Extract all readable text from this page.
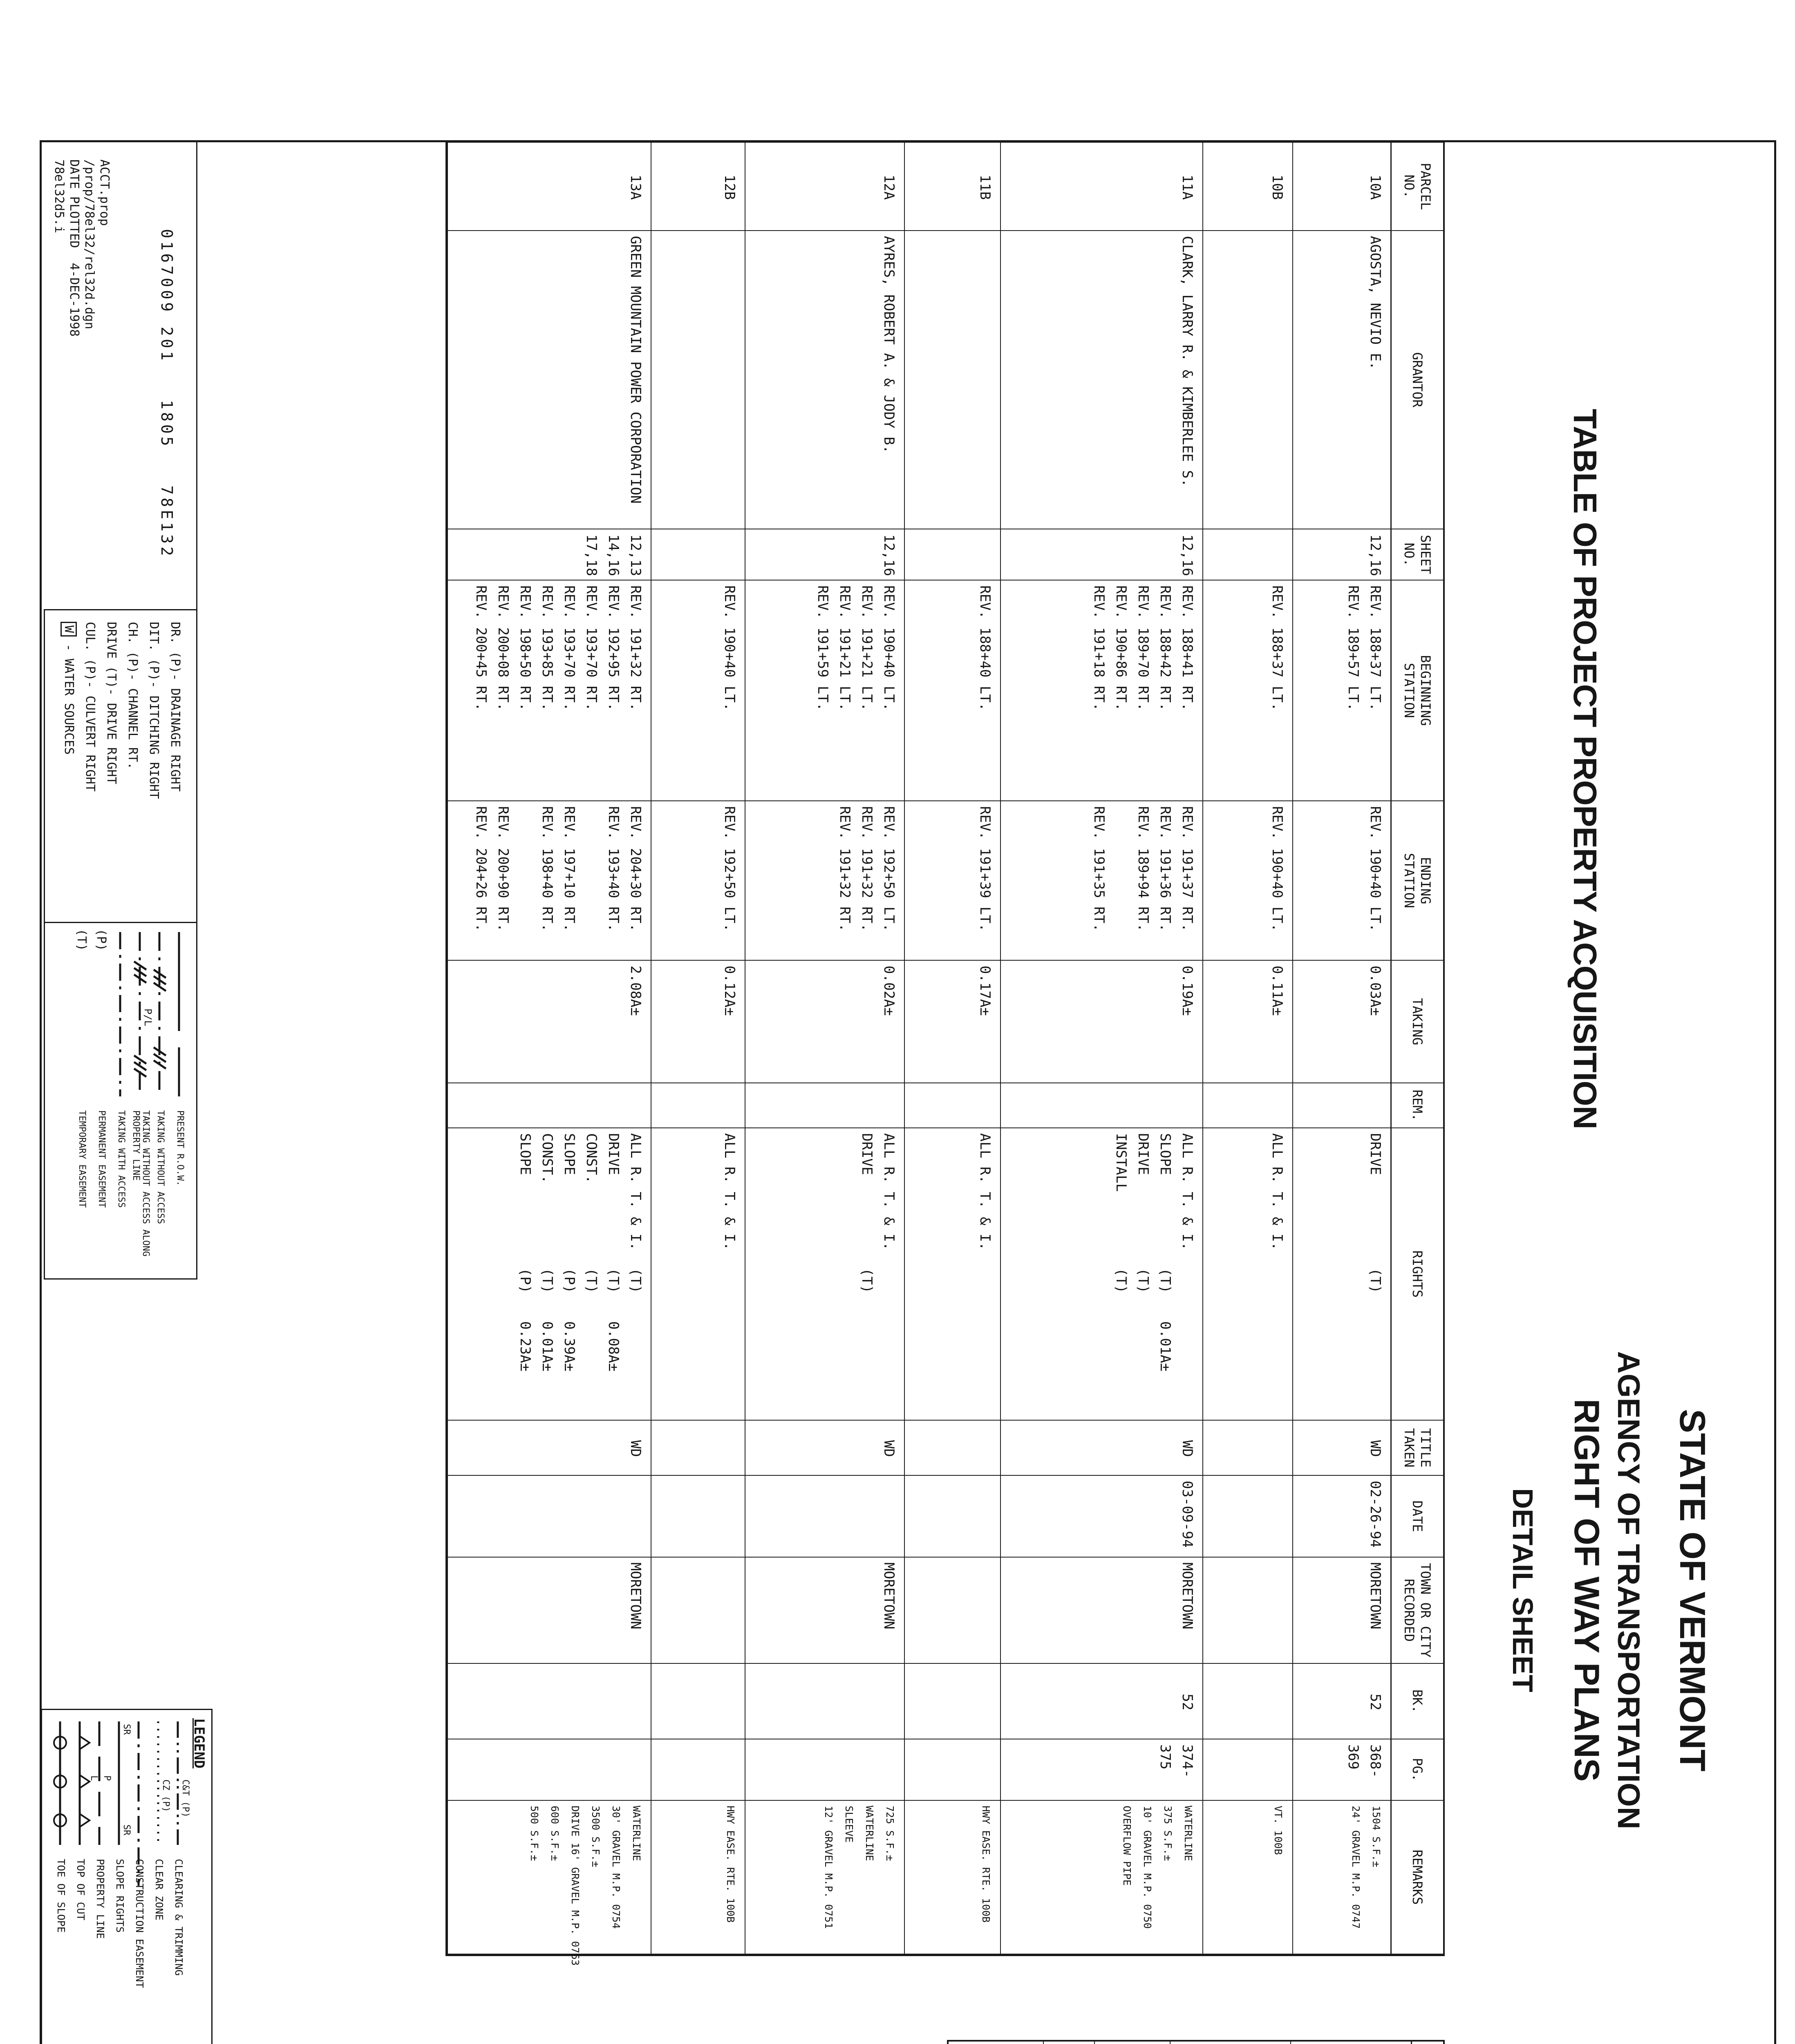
TABLE OF PROJECT PROPERTY ACQUISITION
STATE OF VERMONT
AGENCY OF TRANSPORTATION
RIGHT OF WAY PLANS
DETAIL SHEET
PARCEL
NO.
GRANTOR
SHEET
NO.
BEGINNING
STATION
ENDING
STATION
TAKING
REM.
RIGHTS
TITLE
TAKEN
DATE
TOWN OR CITY
RECORDED
BK.
PG.
REMARKS
10A
AGOSTA, NEVIO E.
12,16
REV. 188+37 LT.
REV. 189+57 LT.
REV. 190+40 LT.
0.03A±
DRIVE
(T)
WD
02-26-94
MORETOWN
52
368-
369
1504 S.F.±
24' GRAVEL M.P. 0747
10B
REV. 188+37 LT.
REV. 190+40 LT.
0.11A±
ALL R. T. & I.
VT. 100B
11A
CLARK, LARRY R. & KIMBERLEE S.
12,16
REV. 188+41 RT.
REV. 188+42 RT.
REV. 189+70 RT.
REV. 190+86 RT.
REV. 191+18 RT.
REV. 191+37 RT.
REV. 191+36 RT.
REV. 189+94 RT.

REV. 191+35 RT.
0.19A±
ALL R. T. & I.
SLOPE
(T)
0.01A±
DRIVE
(T)
INSTALL
(T)
WD
03-09-94
MORETOWN
52
374-
375
WATERLINE
375 S.F.±
10' GRAVEL M.P. 0750
OVERFLOW PIPE
11B
REV. 188+40 LT.
REV. 191+39 LT.
0.17A±
ALL R. T. & I.
HWY EASE. RTE. 100B
12A
AYRES, ROBERT A. & JODY B.
12,16
REV. 190+40 LT.
REV. 191+21 LT.
REV. 191+21 LT.
REV. 191+59 LT.
REV. 192+50 LT.
REV. 191+32 RT.
REV. 191+32 RT.
0.02A±
ALL R. T. & I.
DRIVE
(T)
WD
MORETOWN
725 S.F.±
WATERLINE
SLEEVE
12' GRAVEL M.P. 0751
12B
REV. 190+40 LT.
REV. 192+50 LT.
0.12A±
ALL R. T. & I.
HWY EASE. RTE. 100B
13A
GREEN MOUNTAIN POWER CORPORATION
12,13
14,16
17,18
REV. 191+32 RT.
REV. 192+95 RT.
REV. 193+70 RT.
REV. 193+70 RT.
REV. 193+85 RT.
REV. 198+50 RT.
REV. 200+08 RT.
REV. 200+45 RT.
REV. 204+30 RT.
REV. 193+40 RT.

REV. 197+10 RT.
REV. 198+40 RT.

REV. 200+90 RT.
REV. 204+26 RT.
2.08A±
ALL R. T. & I.
(T)
DRIVE
(T)
0.08A±
CONST.
(T)
SLOPE
(P)
0.39A±
CONST.
(T)
0.01A±
SLOPE
(P)
0.23A±
WD
MORETOWN
WATERLINE
30' GRAVEL M.P. 0754
3500 S.F.±
DRIVE 16' GRAVEL M.P. 0763
600 S.F.±
500 S.F.±
0167009 201   1805   78E132
ACCT.prop
/prop/78el32/rel32d.dgn
DATE PLOTTED  4-DEC-1998
78el32d5.i
DR. (P)- DRAINAGE RIGHT
DIT. (P)- DITCHING RIGHT
CH. (P)- CHANNEL RT.
DRIVE (T)- DRIVE RIGHT
CUL. (P)- CULVERT RIGHT
W - WATER SOURCES
PRESENT R.O.W.
TAKING WITHOUT ACCESS
P/L
TAKING WITHOUT ACCESS ALONG PROPERTY LINE
TAKING WITH ACCESS
(P)
PERMANENT EASEMENT
(T)
TEMPORARY EASEMENT
LEGEND
C&T (P)
CLEARING & TRIMMING
CZ (P)
CLEAR ZONE
CONSTRUCTION EASEMENT
SR
SR
SLOPE RIGHTS
P
L
PROPERTY LINE
TOP OF CUT
TOE OF SLOPE
